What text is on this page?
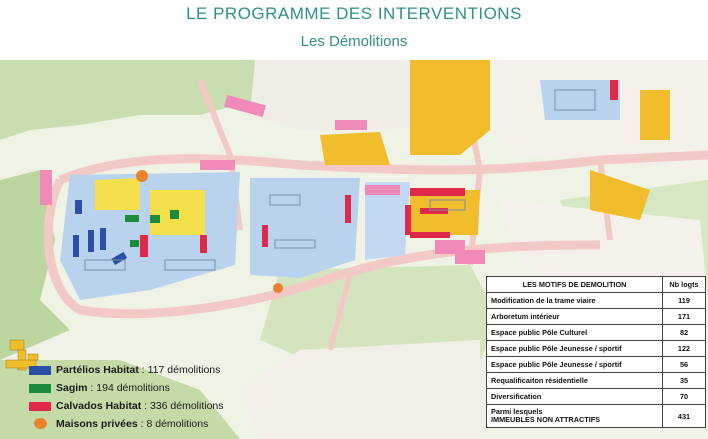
LE PROGRAMME DES INTERVENTIONS
Les Démolitions
Partélios Habitat : 117 démolitions
Sagim : 194 démolitions
Calvados Habitat : 336 démolitions
Maisons privées : 8 démolitions
LES MOTIFS DE DEMOLITION	Nb logts
Modification de la trame viaire	119
Arboretum intérieur	171
Espace public Pôle Culturel	82
Espace public Pôle Jeunesse / sportif	122
Espace public Pôle Jeunesse / sportif	56
Requalificaiton résidentielle	35
Diversification	70
Parmi lesquels
IMMEUBLES NON ATTRACTIFS	431
